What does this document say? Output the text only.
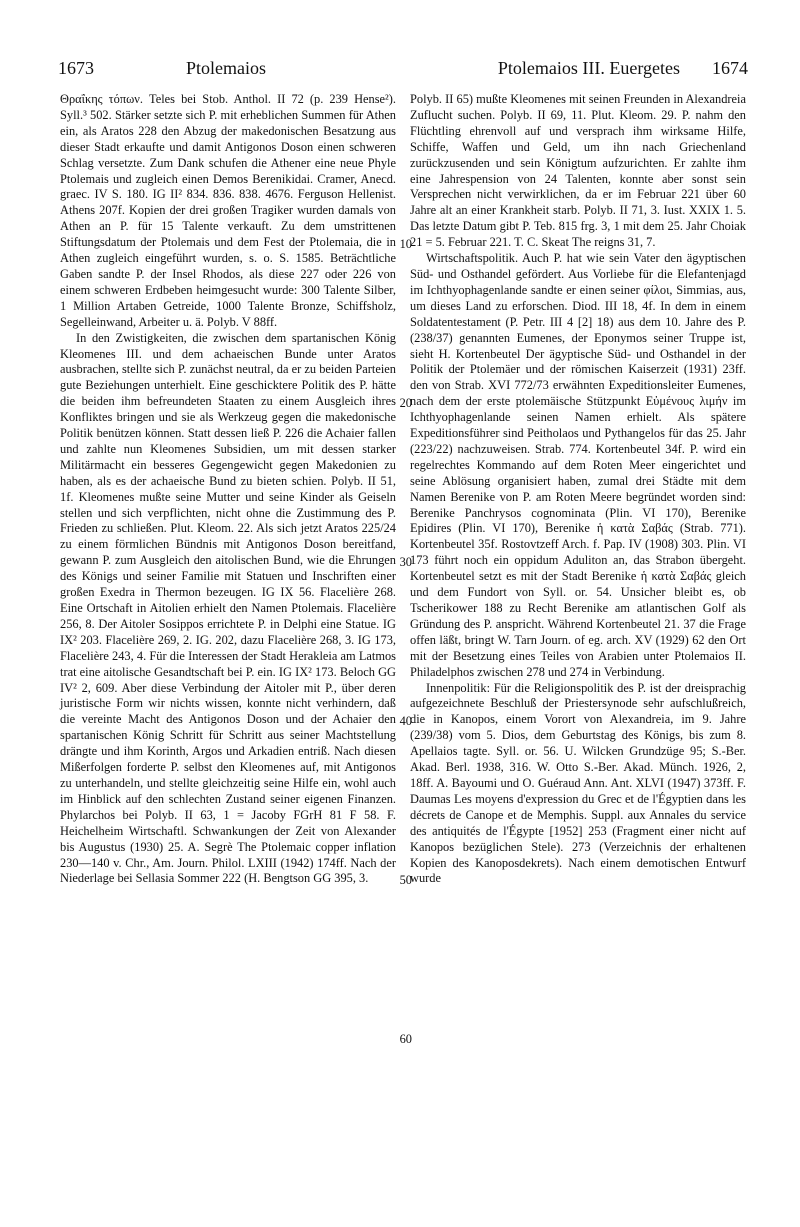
1673	Ptolemaios	Ptolemaios III. Euergetes 1674

Θραΐκης τόπων. Teles bei Stob. Anthol. II 72 (p. 239 Hense²). Syll.³ 502. Stärker setzte sich P. mit erheblichen Summen für Athen ein, als Aratos 228 den Abzug der makedonischen Besatzung aus dieser Stadt erkaufte und damit Antigonos Doson einen schweren Schlag versetzte. Zum Dank schufen die Athener eine neue Phyle Ptolemais und zugleich einen Demos Berenikidai. Cramer, Anecd. graec. IV S. 180. IG II² 834. 836. 838. 4676. Ferguson Hellenist. Athens 207f. Kopien der drei großen Tragiker wurden damals von Athen an P. für 15 Talente verkauft. Zu dem umstrittenen Stiftungsdatum der Ptolemais und dem Fest der Ptolemaia, die in Athen zugleich eingeführt wurden, s. o. S. 1585. Beträchtliche Gaben sandte P. der Insel Rhodos, als diese 227 oder 226 von einem schweren Erdbeben heimgesucht wurde: 300 Talente Silber, 1 Million Artaben Getreide, 1000 Talente Bronze, Schiffsholz, Segelleinwand, Arbeiter u. ä. Polyb. V 88ff.

In den Zwistigkeiten, die zwischen dem spartanischen König Kleomenes III. und dem achaeischen Bunde unter Aratos ausbrachen, stellte sich P. zunächst neutral, da er zu beiden Parteien gute Beziehungen unterhielt. Eine geschicktere Politik des P. hätte die beiden ihm befreundeten Staaten zu einem Ausgleich ihres Konfliktes bringen und sie als Werkzeug gegen die makedonische Politik benützen können. Statt dessen ließ P. 226 die Achaier fallen und zahlte nun Kleomenes Subsidien, um mit dessen starker Militärmacht ein besseres Gegengewicht gegen Makedonien zu haben, als es der achaeische Bund zu bieten schien. Polyb. II 51, 1f. Kleomenes mußte seine Mutter und seine Kinder als Geiseln stellen und sich verpflichten, nicht ohne die Zustimmung des P. Frieden zu schließen. Plut. Kleom. 22. Als sich jetzt Aratos 225/24 zu einem förmlichen Bündnis mit Antigonos Doson bereitfand, gewann P. zum Ausgleich den aitolischen Bund, wie die Ehrungen des Königs und seiner Familie mit Statuen und Inschriften einer großen Exedra in Thermon bezeugen. IG IX 56. Flacelière 268. Eine Ortschaft in Aitolien erhielt den Namen Ptolemais. Flacelière 256, 8. Der Aitoler Sosippos errichtete P. in Delphi eine Statue. IG IX² 203. Flacelière 269, 2. IG. 202, dazu Flacelière 268, 3. IG 173, Flacelière 243, 4. Für die Interessen der Stadt Herakleia am Latmos trat eine aitolische Gesandtschaft bei P. ein. IG IX² 173. Beloch GG IV² 2, 609. Aber diese Verbindung der Aitoler mit P., über deren juristische Form wir nichts wissen, konnte nicht verhindern, daß die vereinte Macht des Antigonos Doson und der Achaier den spartanischen König Schritt für Schritt aus seiner Machtstellung drängte und ihm Korinth, Argos und Arkadien entriß. Nach diesen Mißerfolgen forderte P. selbst den Kleomenes auf, mit Antigonos zu unterhandeln, und stellte gleichzeitig seine Hilfe ein, wohl auch im Hinblick auf den schlechten Zustand seiner eigenen Finanzen. Phylarchos bei Polyb. II 63, 1 = Jacoby FGrH 81 F 58. F. Heichelheim Wirtschaftl. Schwankungen der Zeit von Alexander bis Augustus (1930) 25. A. Segrè The Ptolemaic copper inflation 230—140 v. Chr., Am. Journ. Philol. LXIII (1942) 174ff. Nach der Niederlage bei Sellasia Sommer 222 (H. Bengtson GG 395, 3.

Polyb. II 65) mußte Kleomenes mit seinen Freunden in Alexandreia Zuflucht suchen. Polyb. II 69, 11. Plut. Kleom. 29. P. nahm den Flüchtling ehrenvoll auf und versprach ihm wirksame Hilfe, Schiffe, Waffen und Geld, um ihn nach Griechenland zurückzusenden und sein Königtum aufzurichten. Er zahlte ihm eine Jahrespension von 24 Talenten, konnte aber sonst sein Versprechen nicht verwirklichen, da er im Februar 221 über 60 Jahre alt an einer Krankheit starb. Polyb. II 71, 3. Iust. XXIX 1. 5. Das letzte Datum gibt P. Teb. 815 frg. 3, 1 mit dem 25. Jahr Choiak 21 = 5. Februar 221. T. C. Skeat The reigns 31, 7.

Wirtschaftspolitik. Auch P. hat wie sein Vater den ägyptischen Süd- und Osthandel gefördert. Aus Vorliebe für die Elefantenjagd im Ichthyophagenlande sandte er einen seiner φίλοι, Simmias, aus, um dieses Land zu erforschen. Diod. III 18, 4f. In dem in einem Soldatentestament (P. Petr. III 4 [2] 18) aus dem 10. Jahre des P. (238/37) genannten Eumenes, der Eponymos seiner Truppe ist, sieht H. Kortenbeutel Der ägyptische Süd- und Osthandel in der Politik der Ptolemäer und der römischen Kaiserzeit (1931) 23ff. den von Strab. XVI 772/73 erwähnten Expeditionsleiter Eumenes, nach dem der erste ptolemäische Stützpunkt Εὐμένους λιμήν im Ichthyophagenlande seinen Namen erhielt. Als spätere Expeditionsführer sind Peitholaos und Pythangelos für das 25. Jahr (223/22) nachzuweisen. Strab. 774. Kortenbeutel 34f. P. wird ein regelrechtes Kommando auf dem Roten Meer eingerichtet und seine Ablösung organisiert haben, zumal drei Städte mit dem Namen Berenike von P. am Roten Meere begründet worden sind: Berenike Panchrysos cognominata (Plin. VI 170), Berenike Epidires (Plin. VI 170), Berenike ἡ κατὰ Σαβάς (Strab. 771). Kortenbeutel 35f. Rostovtzeff Arch. f. Pap. IV (1908) 303. Plin. VI 173 führt noch ein oppidum Aduliton an, das Strabon übergeht. Kortenbeutel setzt es mit der Stadt Berenike ἡ κατὰ Σαβάς gleich und dem Fundort von Syll. or. 54. Unsicher bleibt es, ob Tscherikower 188 zu Recht Berenike am atlantischen Golf als Gründung des P. anspricht. Während Kortenbeutel 21. 37 die Frage offen läßt, bringt W. Tarn Journ. of eg. arch. XV (1929) 62 den Ort mit der Besetzung eines Teiles von Arabien unter Ptolemaios II. Philadelphos zwischen 278 und 274 in Verbindung.

Innenpolitik: Für die Religionspolitik des P. ist der dreisprachig aufgezeichnete Beschluß der Priestersynode sehr aufschlußreich, die in Kanopos, einem Vorort von Alexandreia, im 9. Jahre (239/38) vom 5. Dios, dem Geburtstag des Königs, bis zum 8. Apellaios tagte. Syll. or. 56. U. Wilcken Grundzüge 95; S.-Ber. Akad. Berl. 1938, 316. W. Otto S.-Ber. Akad. Münch. 1926, 2, 18ff. A. Bayoumi und O. Guéraud Ann. Ant. XLVI (1947) 373ff. F. Daumas Les moyens d'expression du Grec et de l'Égyptien dans les décrets de Canope et de Memphis. Suppl. aux Annales du service des antiquités de l'Égypte [1952] 253 (Fragment einer nicht auf Kanopos bezüglichen Stele). 273 (Verzeichnis der erhaltenen Kopien des Kanoposdekrets). Nach einem demotischen Entwurf wurde

10
20
30
40
50
60
